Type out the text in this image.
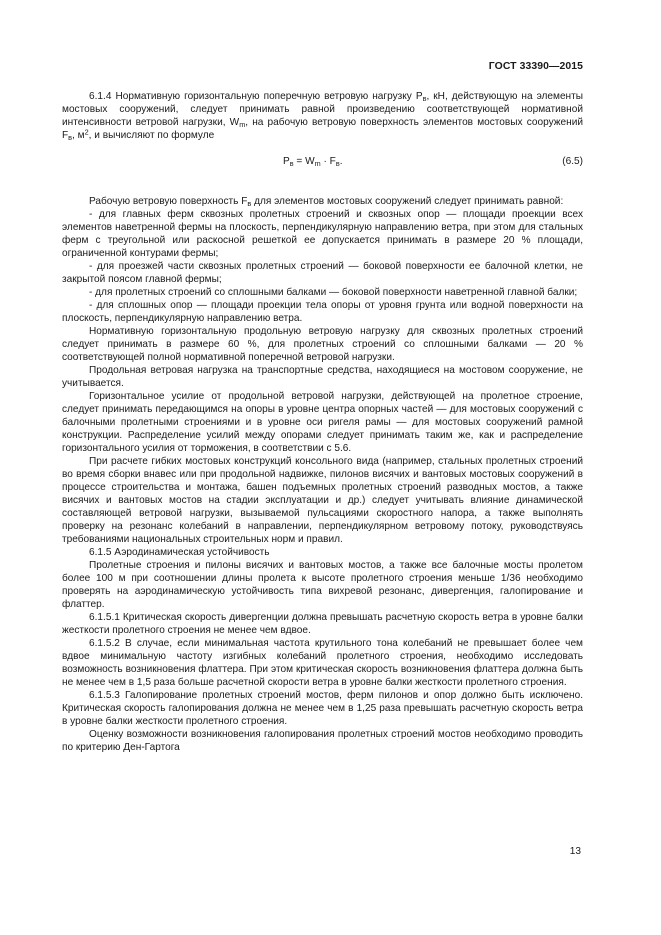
ГОСТ 33390—2015

6.1.4 Нормативную горизонтальную поперечную ветровую нагрузку $P_в$, кН, действующую на элементы мостовых сооружений, следует принимать равной произведению соответствующей нормативной интенсивности ветровой нагрузки, $W_m$, на рабочую ветровую поверхность элементов мостовых сооружений $F_в$, $м^2$, и вычисляют по формуле

$P_в = W_m \cdot F_в$.	(6.5)

Рабочую ветровую поверхность $F_в$ для элементов мостовых сооружений следует принимать равной:

- для главных ферм сквозных пролетных строений и сквозных опор — площади проекции всех элементов наветренной фермы на плоскость, перпендикулярную направлению ветра, при этом для стальных ферм с треугольной или раскосной решеткой ее допускается принимать в размере 20 % площади, ограниченной контурами фермы;

- для проезжей части сквозных пролетных строений — боковой поверхности ее балочной клетки, не закрытой поясом главной фермы;

- для пролетных строений со сплошными балками — боковой поверхности наветренной главной балки;

- для сплошных опор — площади проекции тела опоры от уровня грунта или водной поверхности на плоскость, перпендикулярную направлению ветра.

Нормативную горизонтальную продольную ветровую нагрузку для сквозных пролетных строений следует принимать в размере 60 %, для пролетных строений со сплошными балками — 20 % соответствующей полной нормативной поперечной ветровой нагрузки.

Продольная ветровая нагрузка на транспортные средства, находящиеся на мостовом сооружение, не учитывается.

Горизонтальное усилие от продольной ветровой нагрузки, действующей на пролетное строение, следует принимать передающимся на опоры в уровне центра опорных частей — для мостовых сооружений с балочными пролетными строениями и в уровне оси ригеля рамы — для мостовых сооружений рамной конструкции. Распределение усилий между опорами следует принимать таким же, как и распределение горизонтального усилия от торможения, в соответствии с 5.6.

При расчете гибких мостовых конструкций консольного вида (например, стальных пролетных строений во время сборки внавес или при продольной надвижке, пилонов висячих и вантовых мостовых сооружений в процессе строительства и монтажа, башен подъемных пролетных строений разводных мостов, а также висячих и вантовых мостов на стадии эксплуатации и др.) следует учитывать влияние динамической составляющей ветровой нагрузки, вызываемой пульсациями скоростного напора, а также выполнять проверку на резонанс колебаний в направлении, перпендикулярном ветровому потоку, руководствуясь требованиями национальных строительных норм и правил.

6.1.5 Аэродинамическая устойчивость

Пролетные строения и пилоны висячих и вантовых мостов, а также все балочные мосты пролетом более 100 м при соотношении длины пролета к высоте пролетного строения меньше 1/36 необходимо проверять на аэродинамическую устойчивость типа вихревой резонанс, дивергенция, галопирование и флаттер.

6.1.5.1 Критическая скорость дивергенции должна превышать расчетную скорость ветра в уровне балки жесткости пролетного строения не менее чем вдвое.

6.1.5.2 В случае, если минимальная частота крутильного тона колебаний не превышает более чем вдвое минимальную частоту изгибных колебаний пролетного строения, необходимо исследовать возможность возникновения флаттера. При этом критическая скорость возникновения флаттера должна быть не менее чем в 1,5 раза больше расчетной скорости ветра в уровне балки жесткости пролетного строения.

6.1.5.3 Галопирование пролетных строений мостов, ферм пилонов и опор должно быть исключено. Критическая скорость галопирования должна не менее чем в 1,25 раза превышать расчетную скорость ветра в уровне балки жесткости пролетного строения.

Оценку возможности возникновения галопирования пролетных строений мостов необходимо проводить по критерию Ден-Гартога

13
